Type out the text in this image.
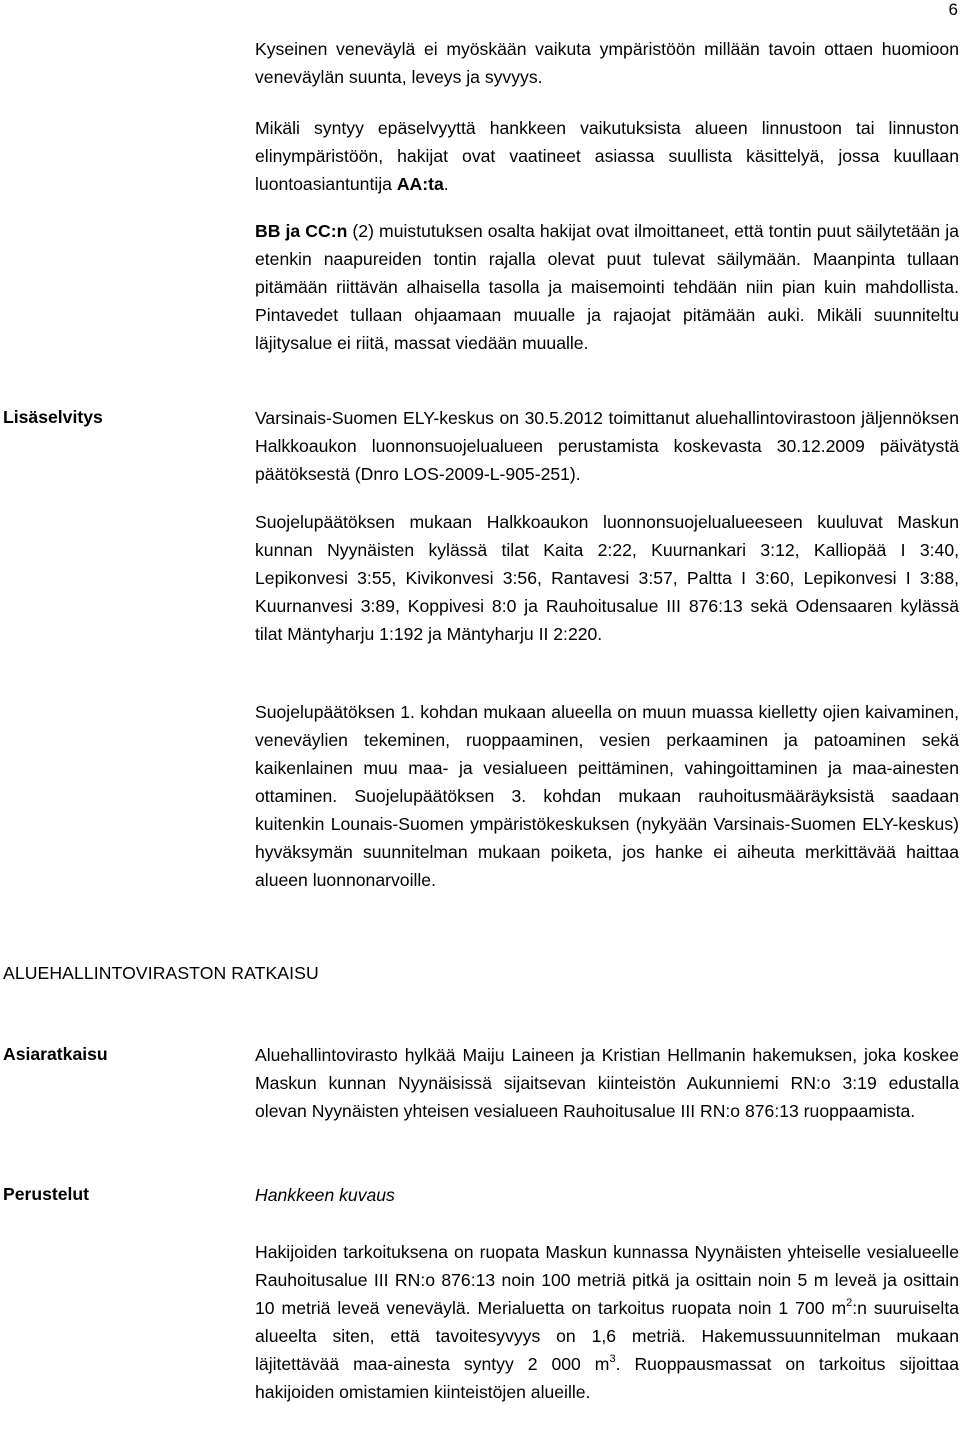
6

Kyseinen veneväylä ei myöskään vaikuta ympäristöön millään tavoin ottaen huomioon veneväylän suunta, leveys ja syvyys.

Mikäli syntyy epäselvyyttä hankkeen vaikutuksista alueen linnustoon tai linnuston elinympäristöön, hakijat ovat vaatineet asiassa suullista käsittelyä, jossa kuullaan luontoasiantuntija AA:ta.

BB ja CC:n (2) muistutuksen osalta hakijat ovat ilmoittaneet, että tontin puut säilytetään ja etenkin naapureiden tontin rajalla olevat puut tulevat säilymään. Maanpinta tullaan pitämään riittävän alhaisella tasolla ja maisemointi tehdään niin pian kuin mahdollista. Pintavedet tullaan ohjaamaan muualle ja rajaojat pitämään auki. Mikäli suunniteltu läjitysalue ei riitä, massat viedään muualle.

Lisäselvitys	Varsinais-Suomen ELY-keskus on 30.5.2012 toimittanut aluehallintovirastoon jäljennöksen Halkkoaukon luonnonsuojelualueen perustamista koskevasta 30.12.2009 päivätystä päätöksestä (Dnro LOS-2009-L-905-251).

Suojelupäätöksen mukaan Halkkoaukon luonnonsuojelualueeseen kuuluvat Maskun kunnan Nyynäisten kylässä tilat Kaita 2:22, Kuurnankari 3:12, Kalliopää I 3:40, Lepikonvesi 3:55, Kivikonvesi 3:56, Rantavesi 3:57, Paltta I 3:60, Lepikonvesi I 3:88, Kuurnanvesi 3:89, Koppivesi 8:0 ja Rauhoitusalue III 876:13 sekä Odensaaren kylässä tilat Mäntyharju 1:192 ja Mäntyharju II 2:220.

Suojelupäätöksen 1. kohdan mukaan alueella on muun muassa kielletty ojien kaivaminen, veneväylien tekeminen, ruoppaaminen, vesien perkaaminen ja patoaminen sekä kaikenlainen muu maa- ja vesialueen peittäminen, vahingoittaminen ja maa-ainesten ottaminen. Suojelupäätöksen 3. kohdan mukaan rauhoitusmääräyksistä saadaan kuitenkin Lounais-Suomen ympäristökeskuksen (nykyään Varsinais-Suomen ELY-keskus) hyväksymän suunnitelman mukaan poiketa, jos hanke ei aiheuta merkittävää haittaa alueen luonnonarvoille.

ALUEHALLINTOVIRASTON RATKAISU
Asiaratkaisu	Aluehallintovirasto hylkää Maiju Laineen ja Kristian Hellmanin hakemuksen, joka koskee Maskun kunnan Nyynäisissä sijaitsevan kiinteistön Aukunniemi RN:o 3:19 edustalla olevan Nyynäisten yhteisen vesialueen Rauhoitusalue III RN:o 876:13 ruoppaamista.

Perustelut	Hankkeen kuvaus

Hakijoiden tarkoituksena on ruopata Maskun kunnassa Nyynäisten yhteiselle vesialueelle Rauhoitusalue III RN:o 876:13 noin 100 metriä pitkä ja osittain noin 5 m leveä ja osittain 10 metriä leveä veneväylä. Merialuetta on tarkoitus ruopata noin 1 700 $m^2:n$ suuruiselta alueelta siten, että tavoitesyvyys on 1,6 metriä. Hakemussuunnitelman mukaan läjitettävää maa-ainesta syntyy 2 000 $m^3$. Ruoppausmassat on tarkoitus sijoittaa hakijoiden omistamien kiinteistöjen alueille.
